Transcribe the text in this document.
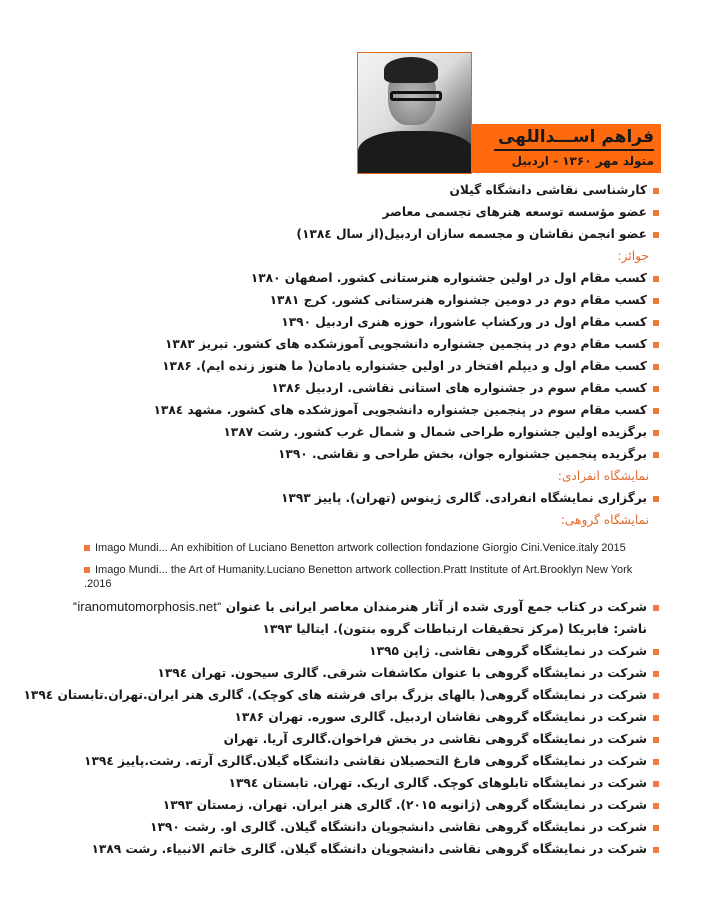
فراهم اســـداللهی
متولد مهر ۱۳۶۰ - اردبیل
کارشناسی نقاشی دانشگاه گیلان
عضو مؤسسه توسعه هنرهای تجسمی معاصر
عضو انجمن نقاشان و مجسمه سازان اردبیل(از سال ۱۳۸٤)
جوائز:
کسب مقام اول در اولین جشنواره هنرستانی کشور. اصفهان ۱۳۸۰
کسب مقام دوم در دومین جشنواره هنرستانی کشور. کرج ۱۳۸۱
کسب مقام اول در ورکشاپ عاشورا، حوزه هنری اردبیل ۱۳۹۰
کسب مقام دوم در پنجمین جشنواره دانشجویی آموزشکده های کشور. تبریز ۱۳۸۳
کسب مقام اول و دیپلم افتخار در اولین جشنواره یادمان( ما هنوز زنده ایم). ۱۳۸۶
کسب مقام سوم در جشنواره های استانی نقاشی. اردبیل ۱۳۸۶
کسب مقام سوم در پنجمین جشنواره دانشجویی آموزشکده های کشور. مشهد ۱۳۸٤
برگزیده اولین جشنواره طراحی شمال و شمال غرب کشور. رشت ۱۳۸۷
برگزیده پنجمین جشنواره جوان، بخش طراحی و نقاشی. ۱۳۹۰
نمایشگاه انفرادی:
برگزاری نمایشگاه انفرادی. گالری ژینوس (تهران). پاییز ۱۳۹۳
نمایشگاه گروهی:
Imago Mundi... An exhibition of Luciano Benetton artwork collection fondazione Giorgio Cini.Venice.italy 2015
Imago Mundi... the Art of Humanity.Luciano Benetton artwork collection.Pratt Institute of Art.Brooklyn New York
.2016
شرکت در کتاب جمع آوری شده از آثار هنرمندان معاصر ایرانی با عنوان "iranomutomorphosis.net"
ناشر: فابریکا (مرکز تحقیقات ارتباطات گروه بنتون). ایتالیا ۱۳۹۳
شرکت در نمایشگاه گروهی نقاشی. ژاپن ۱۳۹۵
شرکت در نمایشگاه گروهی با عنوان مکاشفات شرقی. گالری سیحون. تهران ۱۳۹٤
شرکت در نمایشگاه گروهی( بالهای بزرگ برای فرشته های کوچک). گالری هنر ایران.تهران.تابستان ۱۳۹٤
شرکت در نمایشگاه گروهی نقاشان اردبیل. گالری سوره. تهران ۱۳۸۶
شرکت در نمایشگاه گروهی نقاشی در بخش فراخوان.گالری آریا. تهران
شرکت در نمایشگاه گروهی فارغ التحصیلان نقاشی دانشگاه گیلان.گالری آرته. رشت.پاییز ۱۳۹٤
شرکت در نمایشگاه تابلوهای کوچک. گالری اریک. تهران. تابستان ۱۳۹٤
شرکت در نمایشگاه گروهی (ژانویه ۲۰۱۵). گالری هنر ایران. تهران. زمستان ۱۳۹۳
شرکت در نمایشگاه گروهی نقاشی دانشجویان دانشگاه گیلان. گالری او. رشت ۱۳۹۰
شرکت در نمایشگاه گروهی نقاشی دانشجویان دانشگاه گیلان. گالری خاتم الانبیاء. رشت ۱۳۸۹
